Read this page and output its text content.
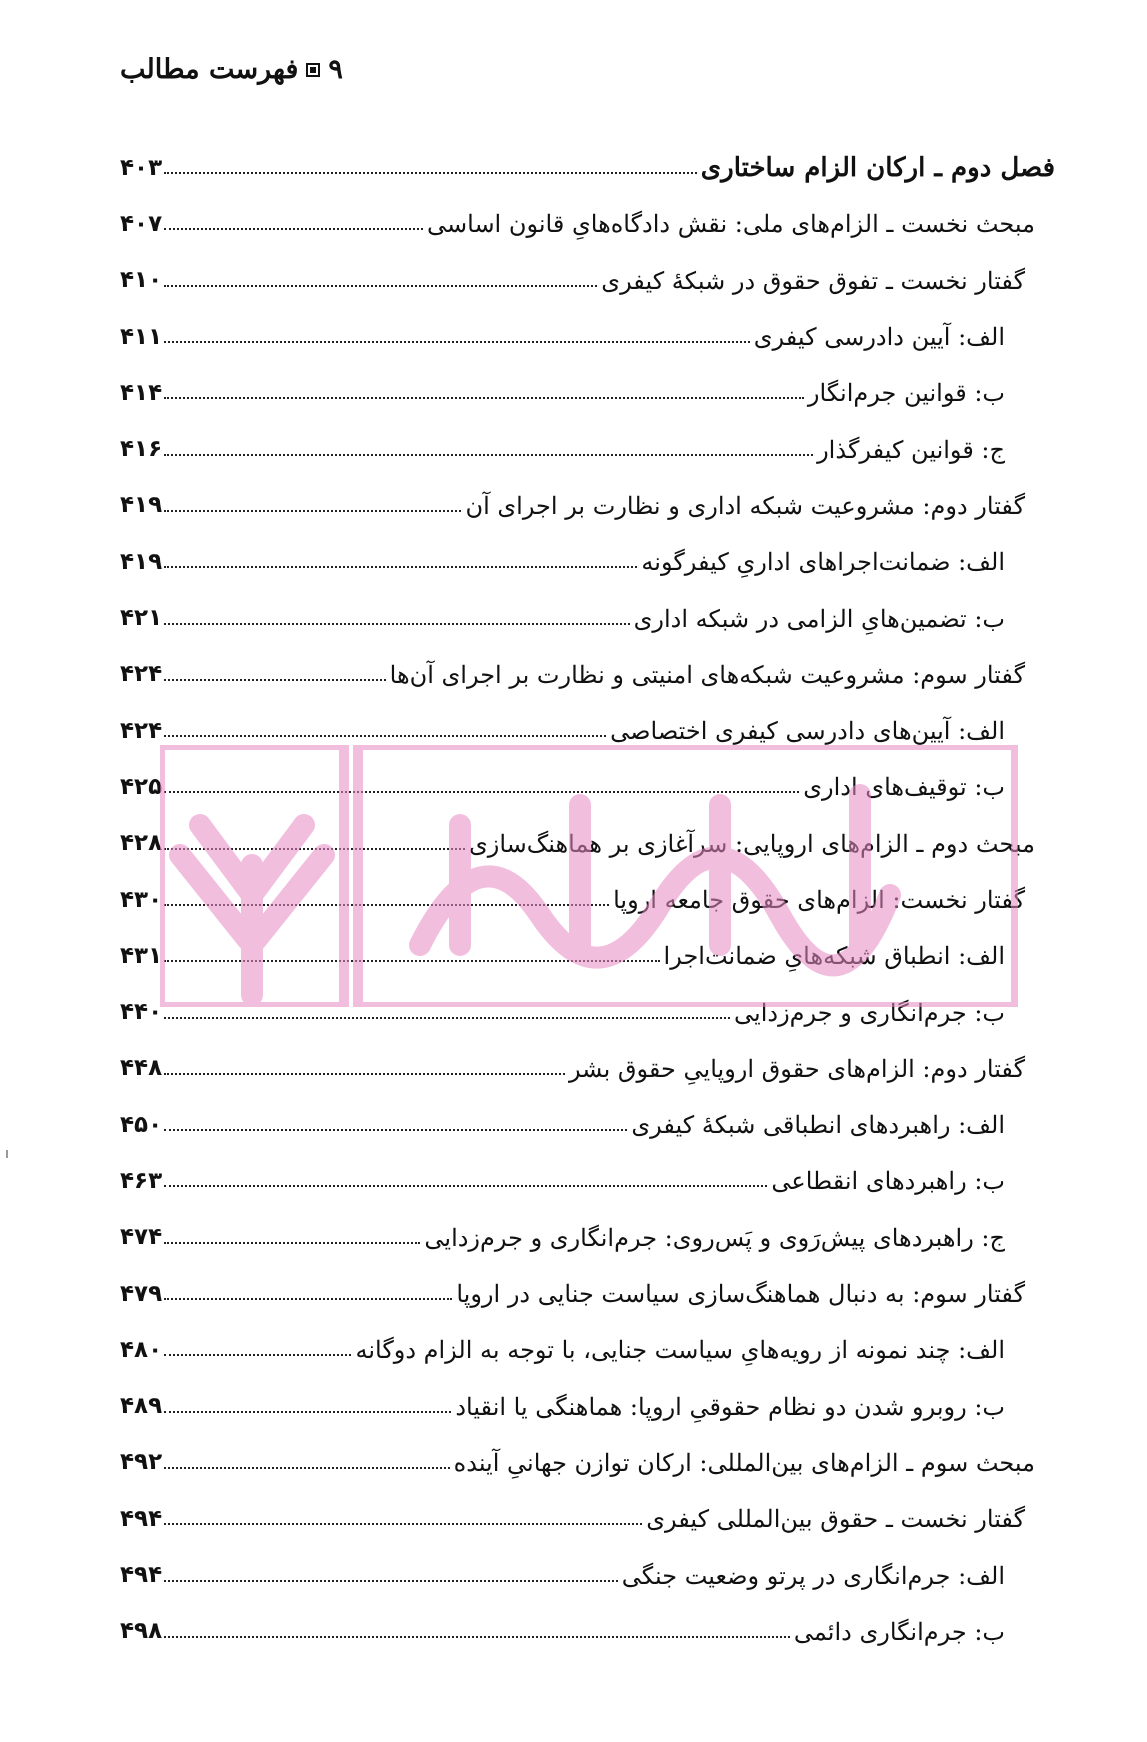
۹
فهرست مطالب
۴۰۳	فصل دوم ـ ارکان الزام ساختاری
۴۰۷	مبحث نخست ـ الزام‌های ملی: نقش دادگاه‌هایِ قانون اساسی
۴۱۰	گفتار نخست ـ تفوق حقوق در شبکهٔ کیفری
۴۱۱	الف: آیین دادرسی کیفری
۴۱۴	ب: قوانین جرم‌انگار
۴۱۶	ج: قوانین کیفرگذار
۴۱۹	گفتار دوم: مشروعیت شبکه اداری و نظارت بر اجرای آن
۴۱۹	الف: ضمانت‌اجراهای اداریِ کیفرگونه
۴۲۱	ب: تضمین‌هایِ الزامی در شبکه اداری
۴۲۴	گفتار سوم: مشروعیت شبکه‌های امنیتی و نظارت بر اجرای آن‌ها
۴۲۴	الف: آیین‌های دادرسی کیفری اختصاصی
۴۲۵	ب: توقیف‌های اداری
۴۲۸	مبحث دوم ـ الزام‌های اروپایی: سرآغازی بر هماهنگ‌سازی
۴۳۰	گفتار نخست: الزام‌های حقوق جامعه اروپا
۴۳۱	الف: انطباق شبکه‌هایِ ضمانت‌اجرا
۴۴۰	ب: جرم‌انگاری و جرم‌زدایی
۴۴۸	گفتار دوم: الزام‌های حقوق اروپاییِ حقوق بشر
۴۵۰	الف: راهبردهای انطباقی شبکهٔ کیفری
۴۶۳	ب: راهبردهای انقطاعی
۴۷۴	ج: راهبردهای پیش‌رَوی و پَس‌روی: جرم‌انگاری و جرم‌زدایی
۴۷۹	گفتار سوم: به دنبال هماهنگ‌سازی سیاست جنایی در اروپا
۴۸۰	الف: چند نمونه از رویه‌هایِ سیاست جنایی، با توجه به الزام دوگانه
۴۸۹	ب: روبرو شدن دو نظام حقوقیِ اروپا: هماهنگی یا انقیاد
۴۹۲	مبحث سوم ـ الزام‌های بین‌المللی: ارکان توازن جهانیِ آینده
۴۹۴	گفتار نخست ـ حقوق بین‌المللی کیفری
۴۹۴	الف: جرم‌انگاری در پرتو وضعیت جنگی
۴۹۸	ب: جرم‌انگاری دائمی
